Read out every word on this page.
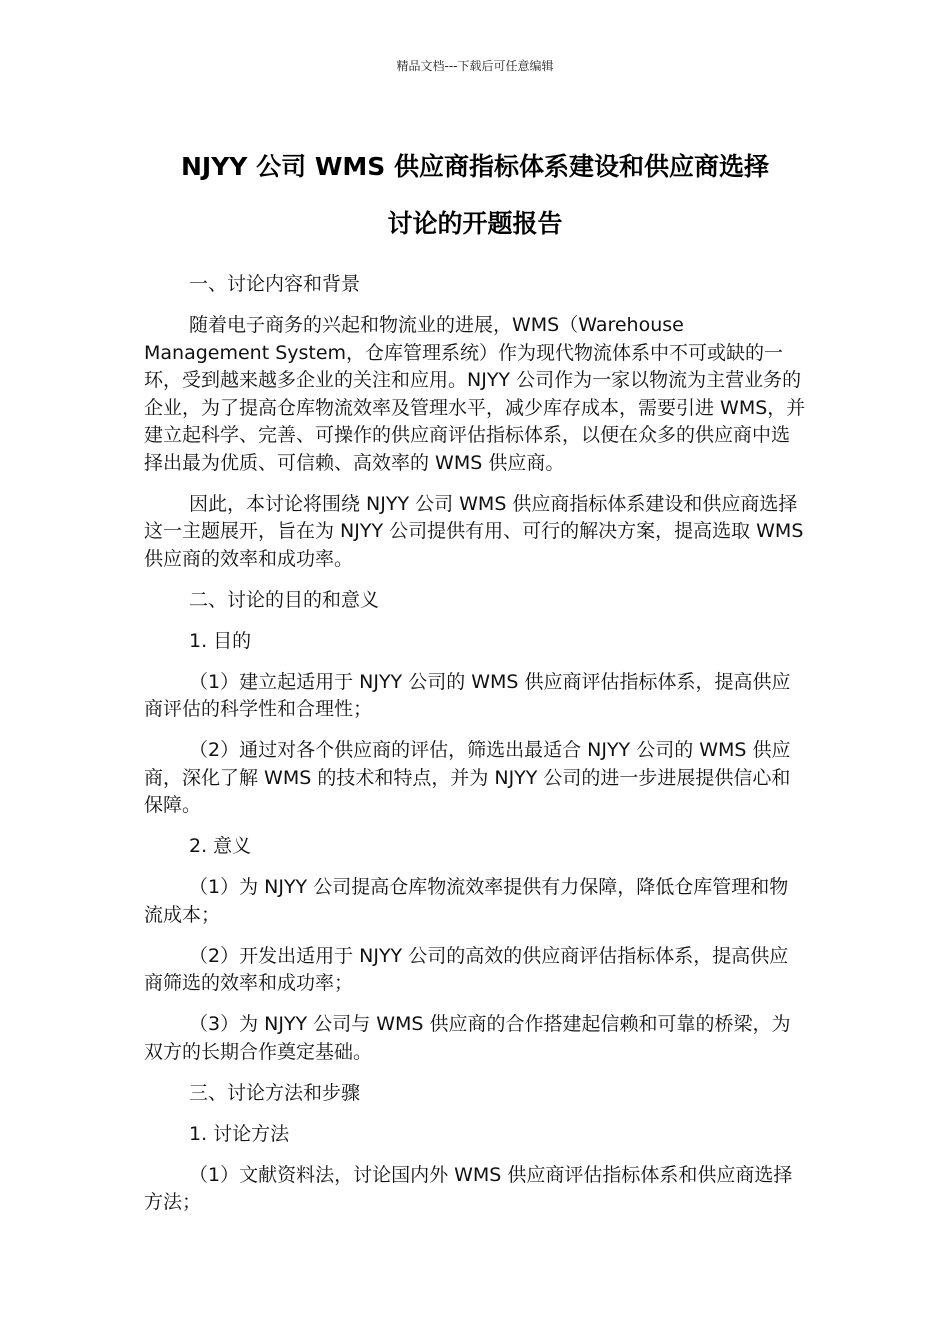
精品文档---下载后可任意编辑
NJYY 公司 WMS 供应商指标体系建设和供应商选择
讨论的开题报告

一、讨论内容和背景

随着电子商务的兴起和物流业的进展，WMS（Warehouse Management System，仓库管理系统）作为现代物流体系中不可或缺的一环，受到越来越多企业的关注和应用。NJYY 公司作为一家以物流为主营业务的企业，为了提高仓库物流效率及管理水平，减少库存成本，需要引进 WMS，并建立起科学、完善、可操作的供应商评估指标体系，以便在众多的供应商中选择出最为优质、可信赖、高效率的 WMS 供应商。

因此，本讨论将围绕 NJYY 公司 WMS 供应商指标体系建设和供应商选择这一主题展开，旨在为 NJYY 公司提供有用、可行的解决方案，提高选取 WMS 供应商的效率和成功率。

二、讨论的目的和意义

1. 目的

（1）建立起适用于 NJYY 公司的 WMS 供应商评估指标体系，提高供应商评估的科学性和合理性；

（2）通过对各个供应商的评估，筛选出最适合 NJYY 公司的 WMS 供应商，深化了解 WMS 的技术和特点，并为 NJYY 公司的进一步进展提供信心和保障。

2. 意义

（1）为 NJYY 公司提高仓库物流效率提供有力保障，降低仓库管理和物流成本；

（2）开发出适用于 NJYY 公司的高效的供应商评估指标体系，提高供应商筛选的效率和成功率；

（3）为 NJYY 公司与 WMS 供应商的合作搭建起信赖和可靠的桥梁，为双方的长期合作奠定基础。

三、讨论方法和步骤

1. 讨论方法

（1）文献资料法，讨论国内外 WMS 供应商评估指标体系和供应商选择方法；
